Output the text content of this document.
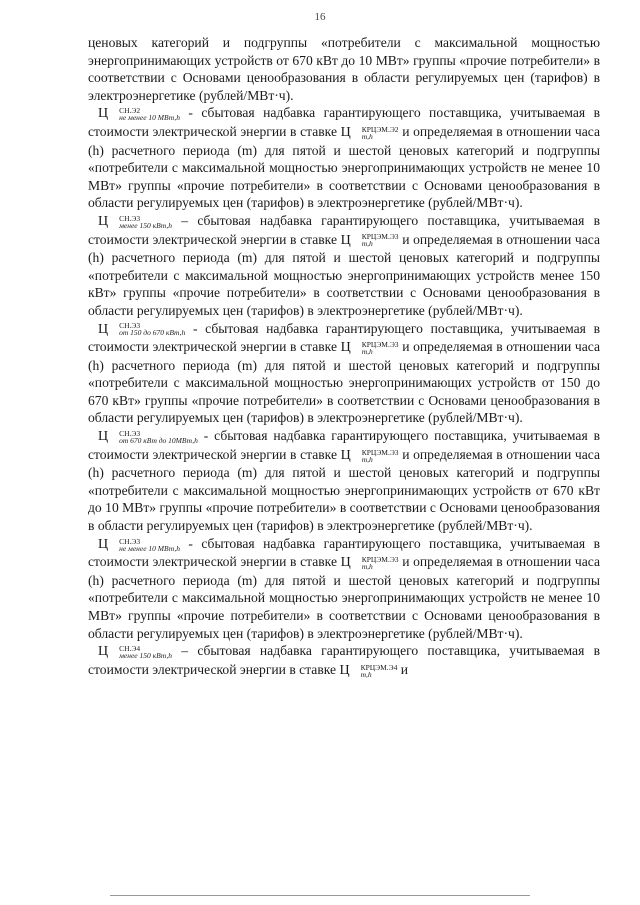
16

ценовых категорий и подгруппы «потребители с максимальной мощностью энергопринимающих устройств от 670 кВт до 10 МВт» группы «прочие потребители» в соответствии с Основами ценообразования в области регулируемых цен (тарифов) в электроэнергетике (рублей/МВт·ч).

Ц	СН.Э2
не менее 10 МВт,h - сбытовая надбавка гарантирующего поставщика, учитываемая в стоимости электрической энергии в ставке Ц	КРЦЭМ.Э2
m,h	и определяемая в отношении часа (h) расчетного периода (m) для пятой и шестой ценовых категорий и подгруппы «потребители с максимальной мощностью энергопринимающих устройств не менее 10 МВт» группы «прочие потребители» в соответствии с Основами ценообразования в области регулируемых цен (тарифов) в электроэнергетике (рублей/МВт·ч).

Ц	СН.Э3
менее 150 кВт,h – сбытовая надбавка гарантирующего поставщика, учитываемая в стоимости электрической энергии в ставке Ц	КРЦЭМ.Э3
m,h	и определяемая в отношении часа (h) расчетного периода (m) для пятой и шестой ценовых категорий и подгруппы «потребители с максимальной мощностью энергопринимающих устройств менее 150 кВт» группы «прочие потребители» в соответствии с Основами ценообразования в области регулируемых цен (тарифов) в электроэнергетике (рублей/МВт·ч).

Ц	СН.Э3
от 150 до 670 кВт,h - сбытовая надбавка гарантирующего поставщика, учитываемая в стоимости электрической энергии в ставке Ц	КРЦЭМ.Э3
m,h	и определяемая в отношении часа (h) расчетного периода (m) для пятой и шестой ценовых категорий и подгруппы «потребители с максимальной мощностью энергопринимающих устройств от 150 до 670 кВт» группы «прочие потребители» в соответствии с Основами ценообразования в области регулируемых цен (тарифов) в электроэнергетике (рублей/МВт·ч).

Ц	СН.Э3
от 670 кВт до 10МВт,h - сбытовая надбавка гарантирующего поставщика, учитываемая в стоимости электрической энергии в ставке Ц	КРЦЭМ.Э3
m,h	и определяемая в отношении часа (h) расчетного периода (m) для пятой и шестой ценовых категорий и подгруппы «потребители с максимальной мощностью энергопринимающих устройств от 670 кВт до 10 МВт» группы «прочие потребители» в соответствии с Основами ценообразования в области регулируемых цен (тарифов) в электроэнергетике (рублей/МВт·ч).

Ц	СН.Э3
не менее 10 МВт,h - сбытовая надбавка гарантирующего поставщика, учитываемая в стоимости электрической энергии в ставке Ц	КРЦЭМ.Э3
m,h	и определяемая в отношении часа (h) расчетного периода (m) для пятой и шестой ценовых категорий и подгруппы «потребители с максимальной мощностью энергопринимающих устройств не менее 10 МВт» группы «прочие потребители» в соответствии с Основами ценообразования в области регулируемых цен (тарифов) в электроэнергетике (рублей/МВт·ч).

Ц	СН.Э4
менее 150 кВт,h – сбытовая надбавка гарантирующего поставщика, учитываемая в стоимости электрической энергии в ставке Ц	КРЦЭМ.Э4
m,h	и
